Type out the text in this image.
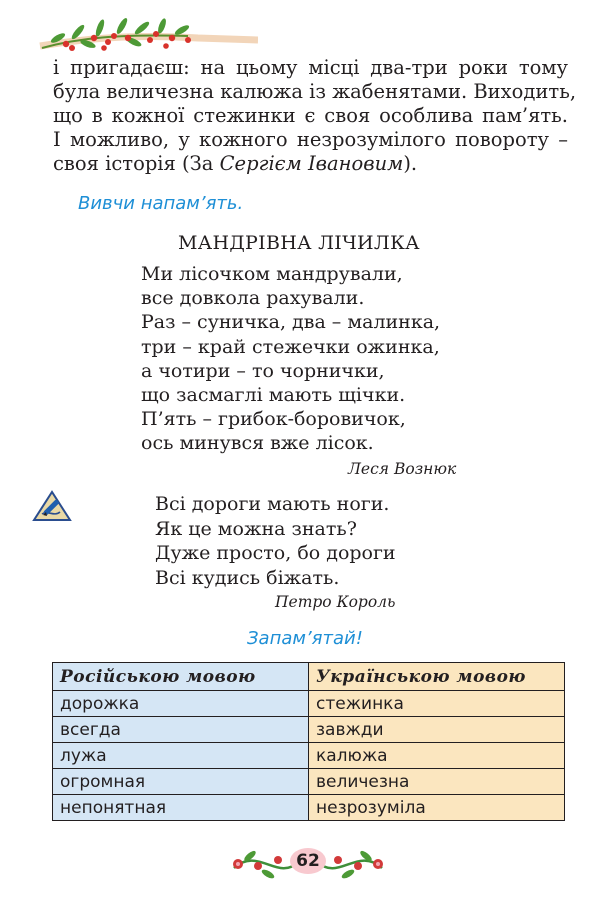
і пригадаєш: на цьому місці два-три роки тому
була величезна калюжа із жабенятами. Виходить,
що в кожної стежинки є своя особлива пам’ять.
І можливо, у кожного незрозумілого повороту –
своя історія (За Сергієм Івановим).
Вивчи напам’ять.
МАНДРІВНА ЛІЧИЛКА
Ми лісочком мандрували,
все довкола рахували.
Раз – суничка, два – малинка,
три – край стежечки ожинка,
а чотири – то чорнички,
що засмаглі мають щічки.
П’ять – грибок-боровичок,
ось минувся вже лісок.
Леся Вознюк
Всі дороги мають ноги.
Як це можна знать?
Дуже просто, бо дороги
Всі кудись біжать.
Петро Король
Запам’ятай!
Російською мовою	Українською мовою
дорожка	стежинка
всегда	завжди
лужа	калюжа
огромная	величезна
непонятная	незрозуміла
62
